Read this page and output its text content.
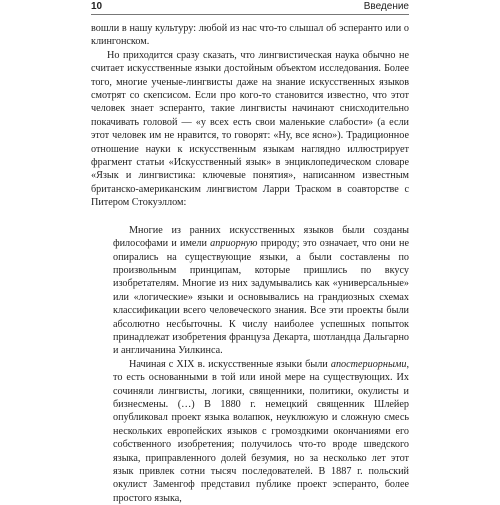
10	Введение

вошли в нашу культуру: любой из нас что-то слышал об эсперанто или о клингонском.

Но приходится сразу сказать, что лингвистическая наука обычно не считает искусственные языки достойным объектом исследования. Более того, многие ученые-лингвисты даже на знание искусственных языков смотрят со скепсисом. Если про кого-то становится известно, что этот человек знает эсперанто, такие лингвисты начинают снисходительно покачивать головой — «у всех есть свои маленькие слабости» (а если этот человек им не нравится, то говорят: «Ну, все ясно»). Традиционное отношение науки к искусственным языкам наглядно иллюстрирует фрагмент статьи «Искусственный язык» в энциклопедическом словаре «Язык и лингвистика: ключевые понятия», написанном известным британско-американским лингвистом Ларри Траском в соавторстве с Питером Стокуэллом:

Многие из ранних искусственных языков были созданы философами и имели априорную природу; это означает, что они не опирались на существующие языки, а были составлены по произвольным принципам, которые пришлись по вкусу изобретателям. Многие из них задумывались как «универсальные» или «логические» языки и основывались на грандиозных схемах классификации всего человеческого знания. Все эти проекты были абсолютно несбыточны. К числу наиболее успешных попыток принадлежат изобретения француза Декарта, шотландца Дальгарно и англичанина Уилкинса.

Начиная с XIX в. искусственные языки были апостериорными, то есть основанными в той или иной мере на существующих. Их сочиняли лингвисты, логики, священники, политики, окулисты и бизнесмены. (…) В 1880 г. немецкий священник Шлейер опубликовал проект языка волапюк, неуклюжую и сложную смесь нескольких европейских языков с громоздкими окончаниями его собственного изобретения; получилось что-то вроде шведского языка, приправленного долей безумия, но за несколько лет этот язык привлек сотни тысяч последователей. В 1887 г. польский окулист Заменгоф представил публике проект эсперанто, более простого языка,
